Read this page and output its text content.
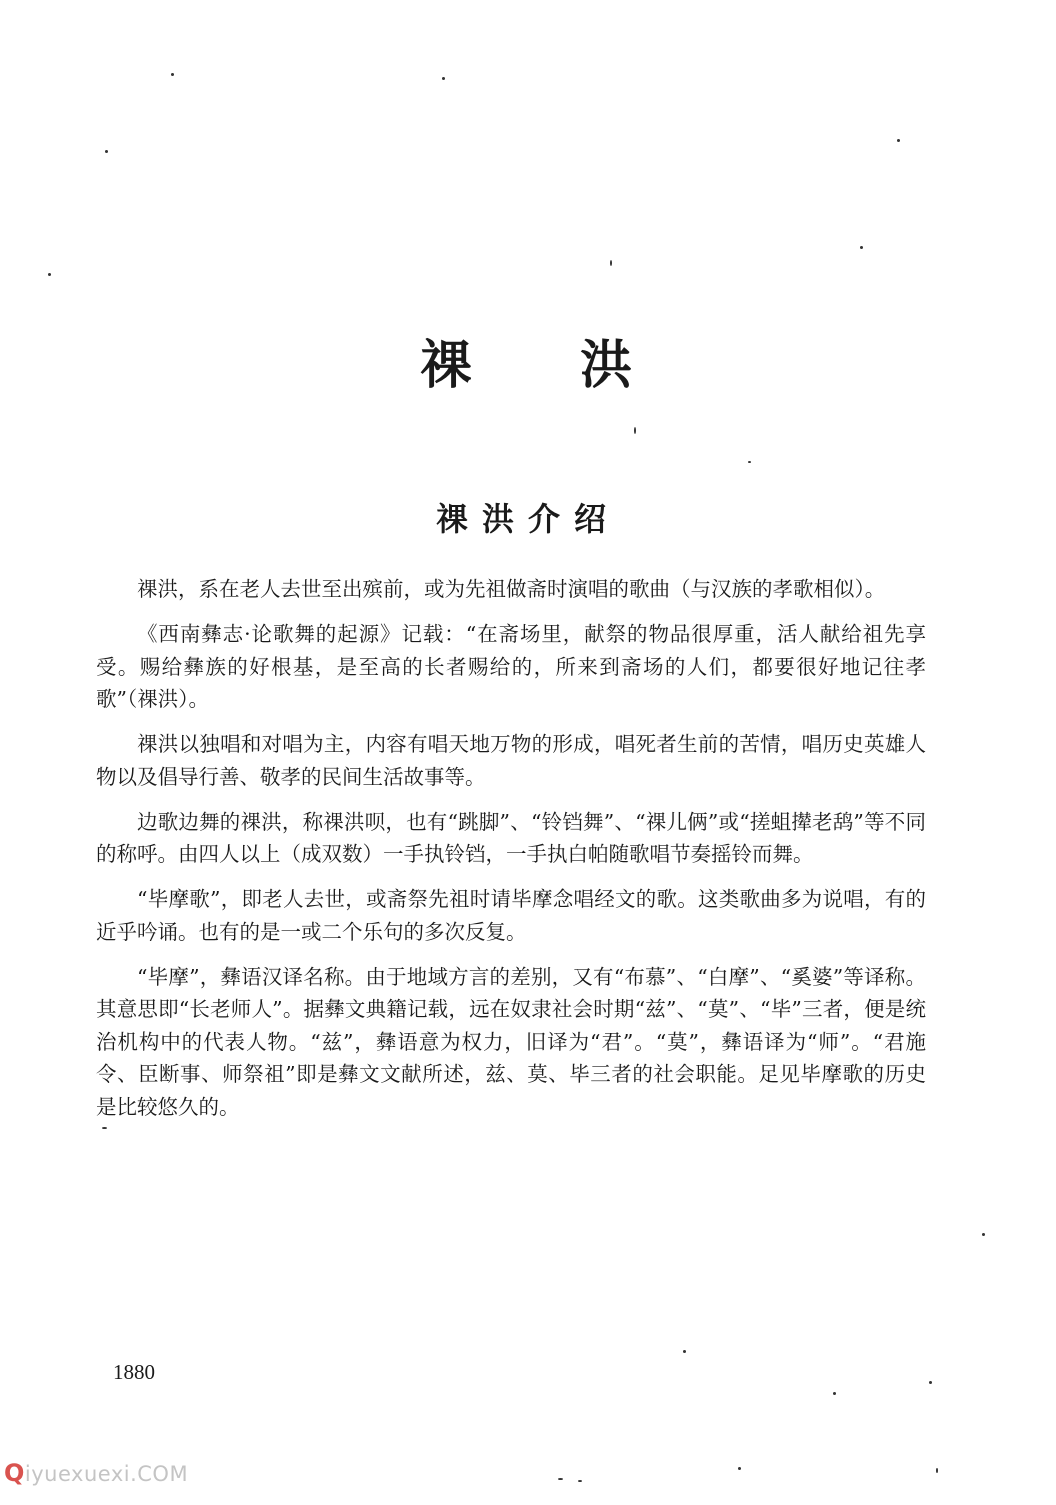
祼 洪
祼洪介绍

祼洪，系在老人去世至出殡前，或为先祖做斋时演唱的歌曲（与汉族的孝歌相似）。

《西南彝志·论歌舞的起源》记载：“在斋场里，献祭的物品很厚重，活人献给祖先享受。赐给彝族的好根基，是至高的长者赐给的，所来到斋场的人们，都要很好地记往孝歌”（祼洪）。

祼洪以独唱和对唱为主，内容有唱天地万物的形成，唱死者生前的苦情，唱历史英雄人物以及倡导行善、敬孝的民间生活故事等。

边歌边舞的祼洪，称祼洪呗，也有“跳脚”、“铃铛舞”、“祼儿俩”或“搓蛆撵老鸹”等不同的称呼。由四人以上（成双数）一手执铃铛，一手执白帕随歌唱节奏摇铃而舞。

“毕摩歌”，即老人去世，或斋祭先祖时请毕摩念唱经文的歌。这类歌曲多为说唱，有的近乎吟诵。也有的是一或二个乐句的多次反复。

“毕摩”，彝语汉译名称。由于地域方言的差别，又有“布慕”、“白摩”、“奚婆”等译称。其意思即“长老师人”。据彝文典籍记载，远在奴隶社会时期“兹”、“莫”、“毕”三者，便是统治机构中的代表人物。“兹”，彝语意为权力，旧译为“君”。“莫”，彝语译为“师”。“君施令、臣断事、师祭祖”即是彝文文献所述，兹、莫、毕三者的社会职能。足见毕摩歌的历史是比较悠久的。

1880
Qiyuexuexi.COM
